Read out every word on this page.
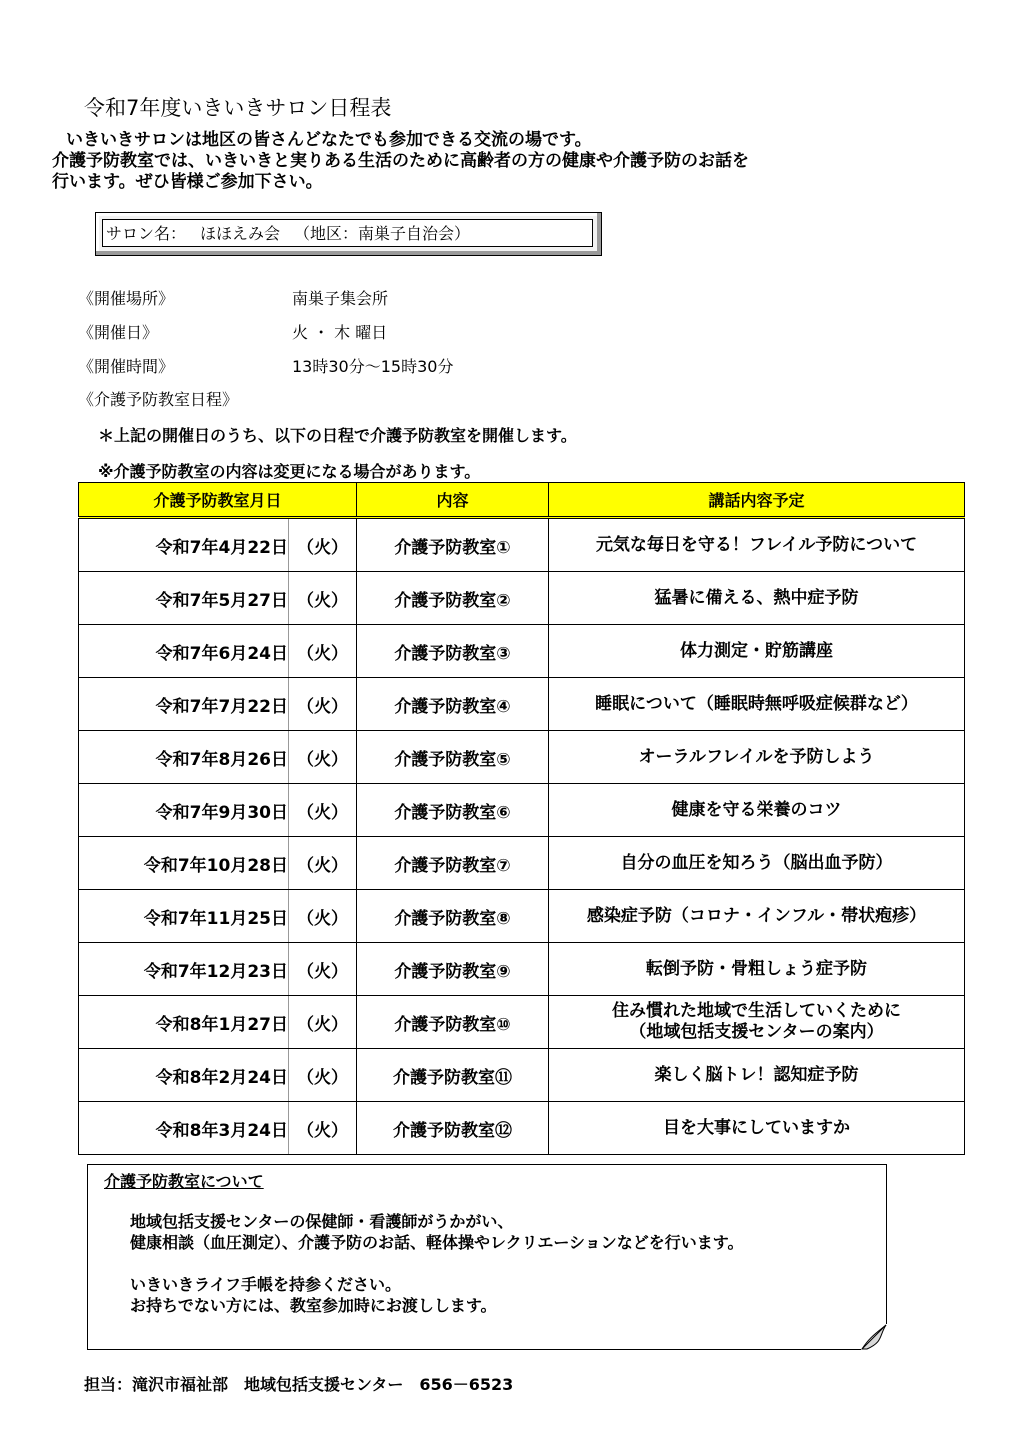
令和7年度いきいきサロン日程表
いきいきサロンは地区の皆さんどなたでも参加できる交流の場です。
介護予防教室では、いきいきと実りある生活のために高齢者の方の健康や介護予防のお話を
行います。ぜひ皆様ご参加下さい。
サロン名： ほほえみ会 （地区：南巣子自治会）
《開催場所》	南巣子集会所
《開催日》	火 ・ 木 曜日
《開催時間》	13時30分～15時30分
《介護予防教室日程》
＊上記の開催日のうち、以下の日程で介護予防教室を開催します。
※介護予防教室の内容は変更になる場合があります。
介護予防教室月日		内容	講話内容予定
令和7年4月22日	（火）	介護予防教室①	元気な毎日を守る！フレイル予防について

令和7年5月27日	（火）	介護予防教室②	猛暑に備える、熱中症予防

令和7年6月24日	（火）	介護予防教室③	体力測定・貯筋講座

令和7年7月22日	（火）	介護予防教室④	睡眠について（睡眠時無呼吸症候群など）

令和7年8月26日	（火）	介護予防教室⑤	オーラルフレイルを予防しよう

令和7年9月30日	（火）	介護予防教室⑥	健康を守る栄養のコツ

令和7年10月28日	（火）	介護予防教室⑦	自分の血圧を知ろう（脳出血予防）

令和7年11月25日	（火）	介護予防教室⑧	感染症予防（コロナ・インフル・帯状疱疹）

令和7年12月23日	（火）	介護予防教室⑨	転倒予防・骨粗しょう症予防

令和8年1月27日	（火）	介護予防教室⑩	住み慣れた地域で生活していくために
（地域包括支援センターの案内）

令和8年2月24日	（火）	介護予防教室⑪	楽しく脳トレ！認知症予防

令和8年3月24日	（火）	介護予防教室⑫	目を大事にしていますか
介護予防教室について
地域包括支援センターの保健師・看護師がうかがい、
健康相談（血圧測定）、介護予防のお話、軽体操やレクリエーションなどを行います。
いきいきライフ手帳を持参ください。
お持ちでない方には、教室参加時にお渡しします。
担当：滝沢市福祉部　地域包括支援センター　656－6523
